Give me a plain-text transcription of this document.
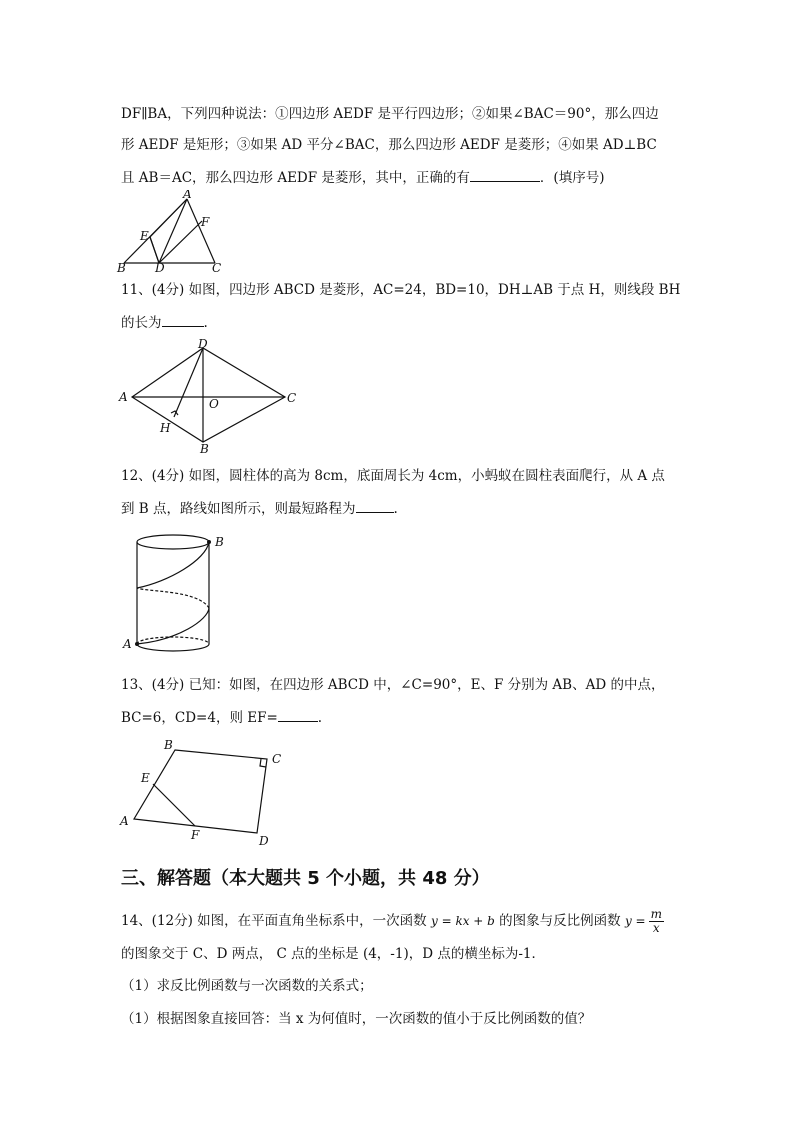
DF∥BA，下列四种说法：①四边形 AEDF 是平行四边形；②如果∠BAC＝90°，那么四边
形 AEDF 是矩形；③如果 AD 平分∠BAC，那么四边形 AEDF 是菱形；④如果 AD⊥BC
且 AB＝AC，那么四边形 AEDF 是菱形，其中，正确的有	．(填序号)
A
E
F
B D	C
11、(4分) 如图，四边形 ABCD 是菱形，AC=24，BD=10，DH⊥AB 于点 H，则线段 BH
的长为	.
D
A	O	C
H
B
12、(4分) 如图，圆柱体的高为 8cm，底面周长为 4cm，小蚂蚁在圆柱表面爬行，从 A 点
到 B 点，路线如图所示，则最短路程为	.
A
B
13、(4分) 已知：如图，在四边形 ABCD 中，∠C=90°，E、F 分别为 AB、AD 的中点，
BC=6，CD=4，则 EF=	.
B
C
E
A
F	D
三、解答题（本大题共 5 个小题，共 48 分）
14、(12分) 如图，在平面直角坐标系中，一次函数 y = kx + b 的图象与反比例函数 $y = \frac{m}{x}$
的图象交于 C、D 两点， C 点的坐标是 (4，-1)，D 点的横坐标为-1．
（1）求反比例函数与一次函数的关系式；
（1）根据图象直接回答：当 x 为何值时，一次函数的值小于反比例函数的值？
